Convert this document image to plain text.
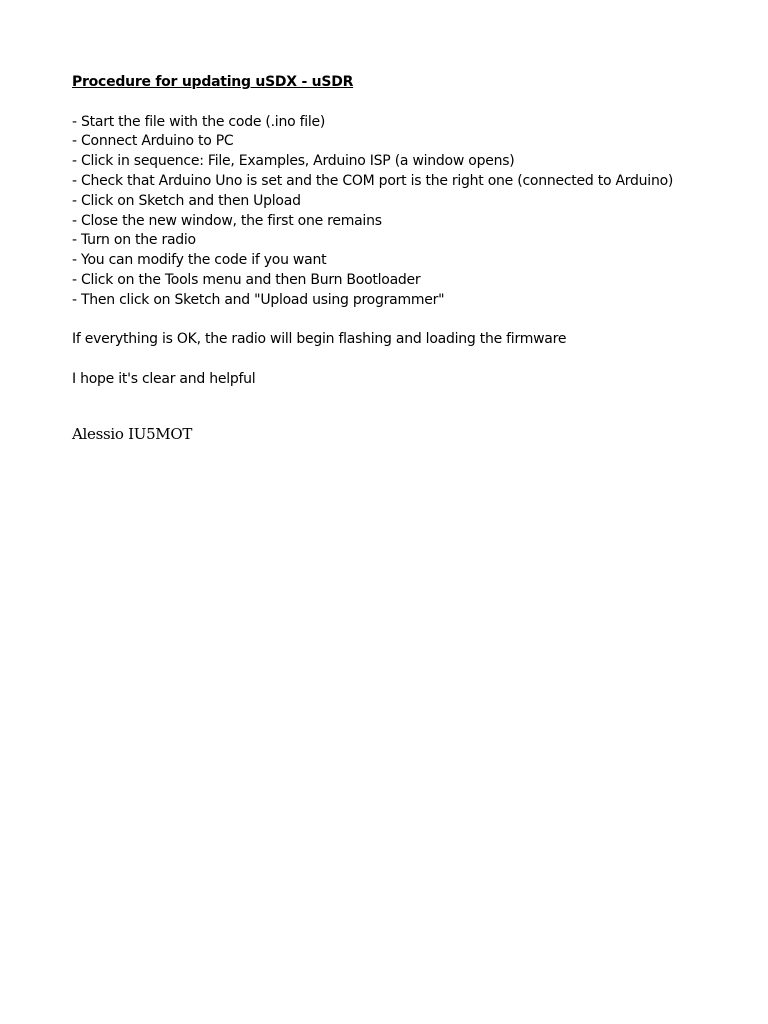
Procedure for updating uSDX - uSDR

- Start the file with the code (.ino file)
- Connect Arduino to PC
- Click in sequence: File, Examples, Arduino ISP (a window opens)
- Check that Arduino Uno is set and the COM port is the right one (connected to Arduino)
- Click on Sketch and then Upload
- Close the new window, the first one remains
- Turn on the radio
- You can modify the code if you want
- Click on the Tools menu and then Burn Bootloader
- Then click on Sketch and "Upload using programmer"

If everything is OK, the radio will begin flashing and loading the firmware

I hope it's clear and helpful

Alessio IU5MOT
